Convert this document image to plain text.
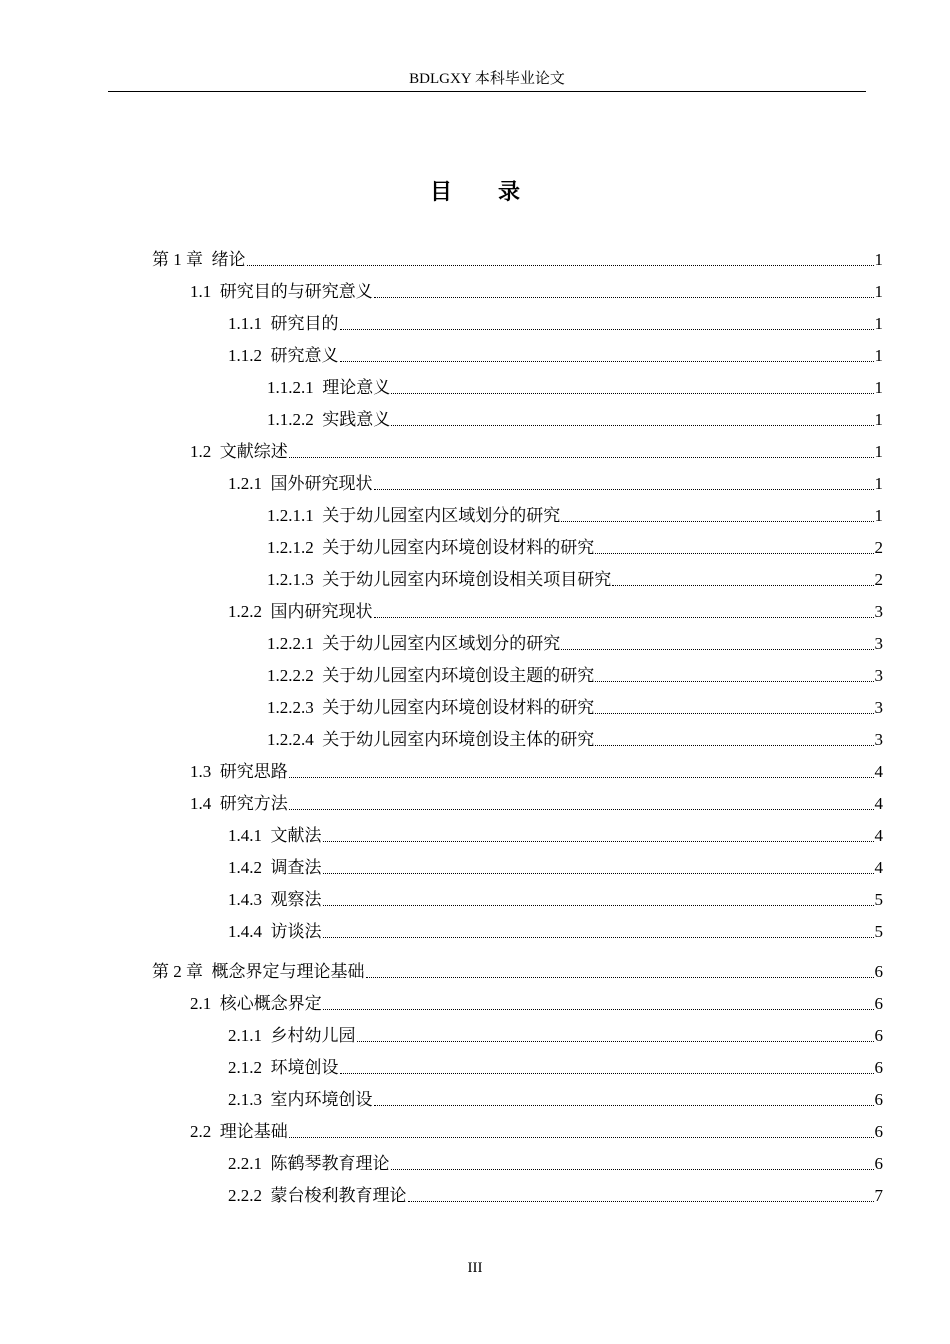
BDLGXY 本科毕业论文
目 录
第 1 章 绪论	1
1.1 研究目的与研究意义	1
1.1.1 研究目的	1
1.1.2 研究意义	1
1.1.2.1 理论意义	1
1.1.2.2 实践意义	1
1.2 文献综述	1
1.2.1 国外研究现状	1
1.2.1.1 关于幼儿园室内区域划分的研究	1
1.2.1.2 关于幼儿园室内环境创设材料的研究	2
1.2.1.3 关于幼儿园室内环境创设相关项目研究	2
1.2.2 国内研究现状	3
1.2.2.1 关于幼儿园室内区域划分的研究	3
1.2.2.2 关于幼儿园室内环境创设主题的研究	3
1.2.2.3 关于幼儿园室内环境创设材料的研究	3
1.2.2.4 关于幼儿园室内环境创设主体的研究	3
1.3 研究思路	4
1.4 研究方法	4
1.4.1 文献法	4
1.4.2 调查法	4
1.4.3 观察法	5
1.4.4 访谈法	5
第 2 章 概念界定与理论基础	6
2.1 核心概念界定	6
2.1.1 乡村幼儿园	6
2.1.2 环境创设	6
2.1.3 室内环境创设	6
2.2 理论基础	6
2.2.1 陈鹤琴教育理论	6
2.2.2 蒙台梭利教育理论	7
III
